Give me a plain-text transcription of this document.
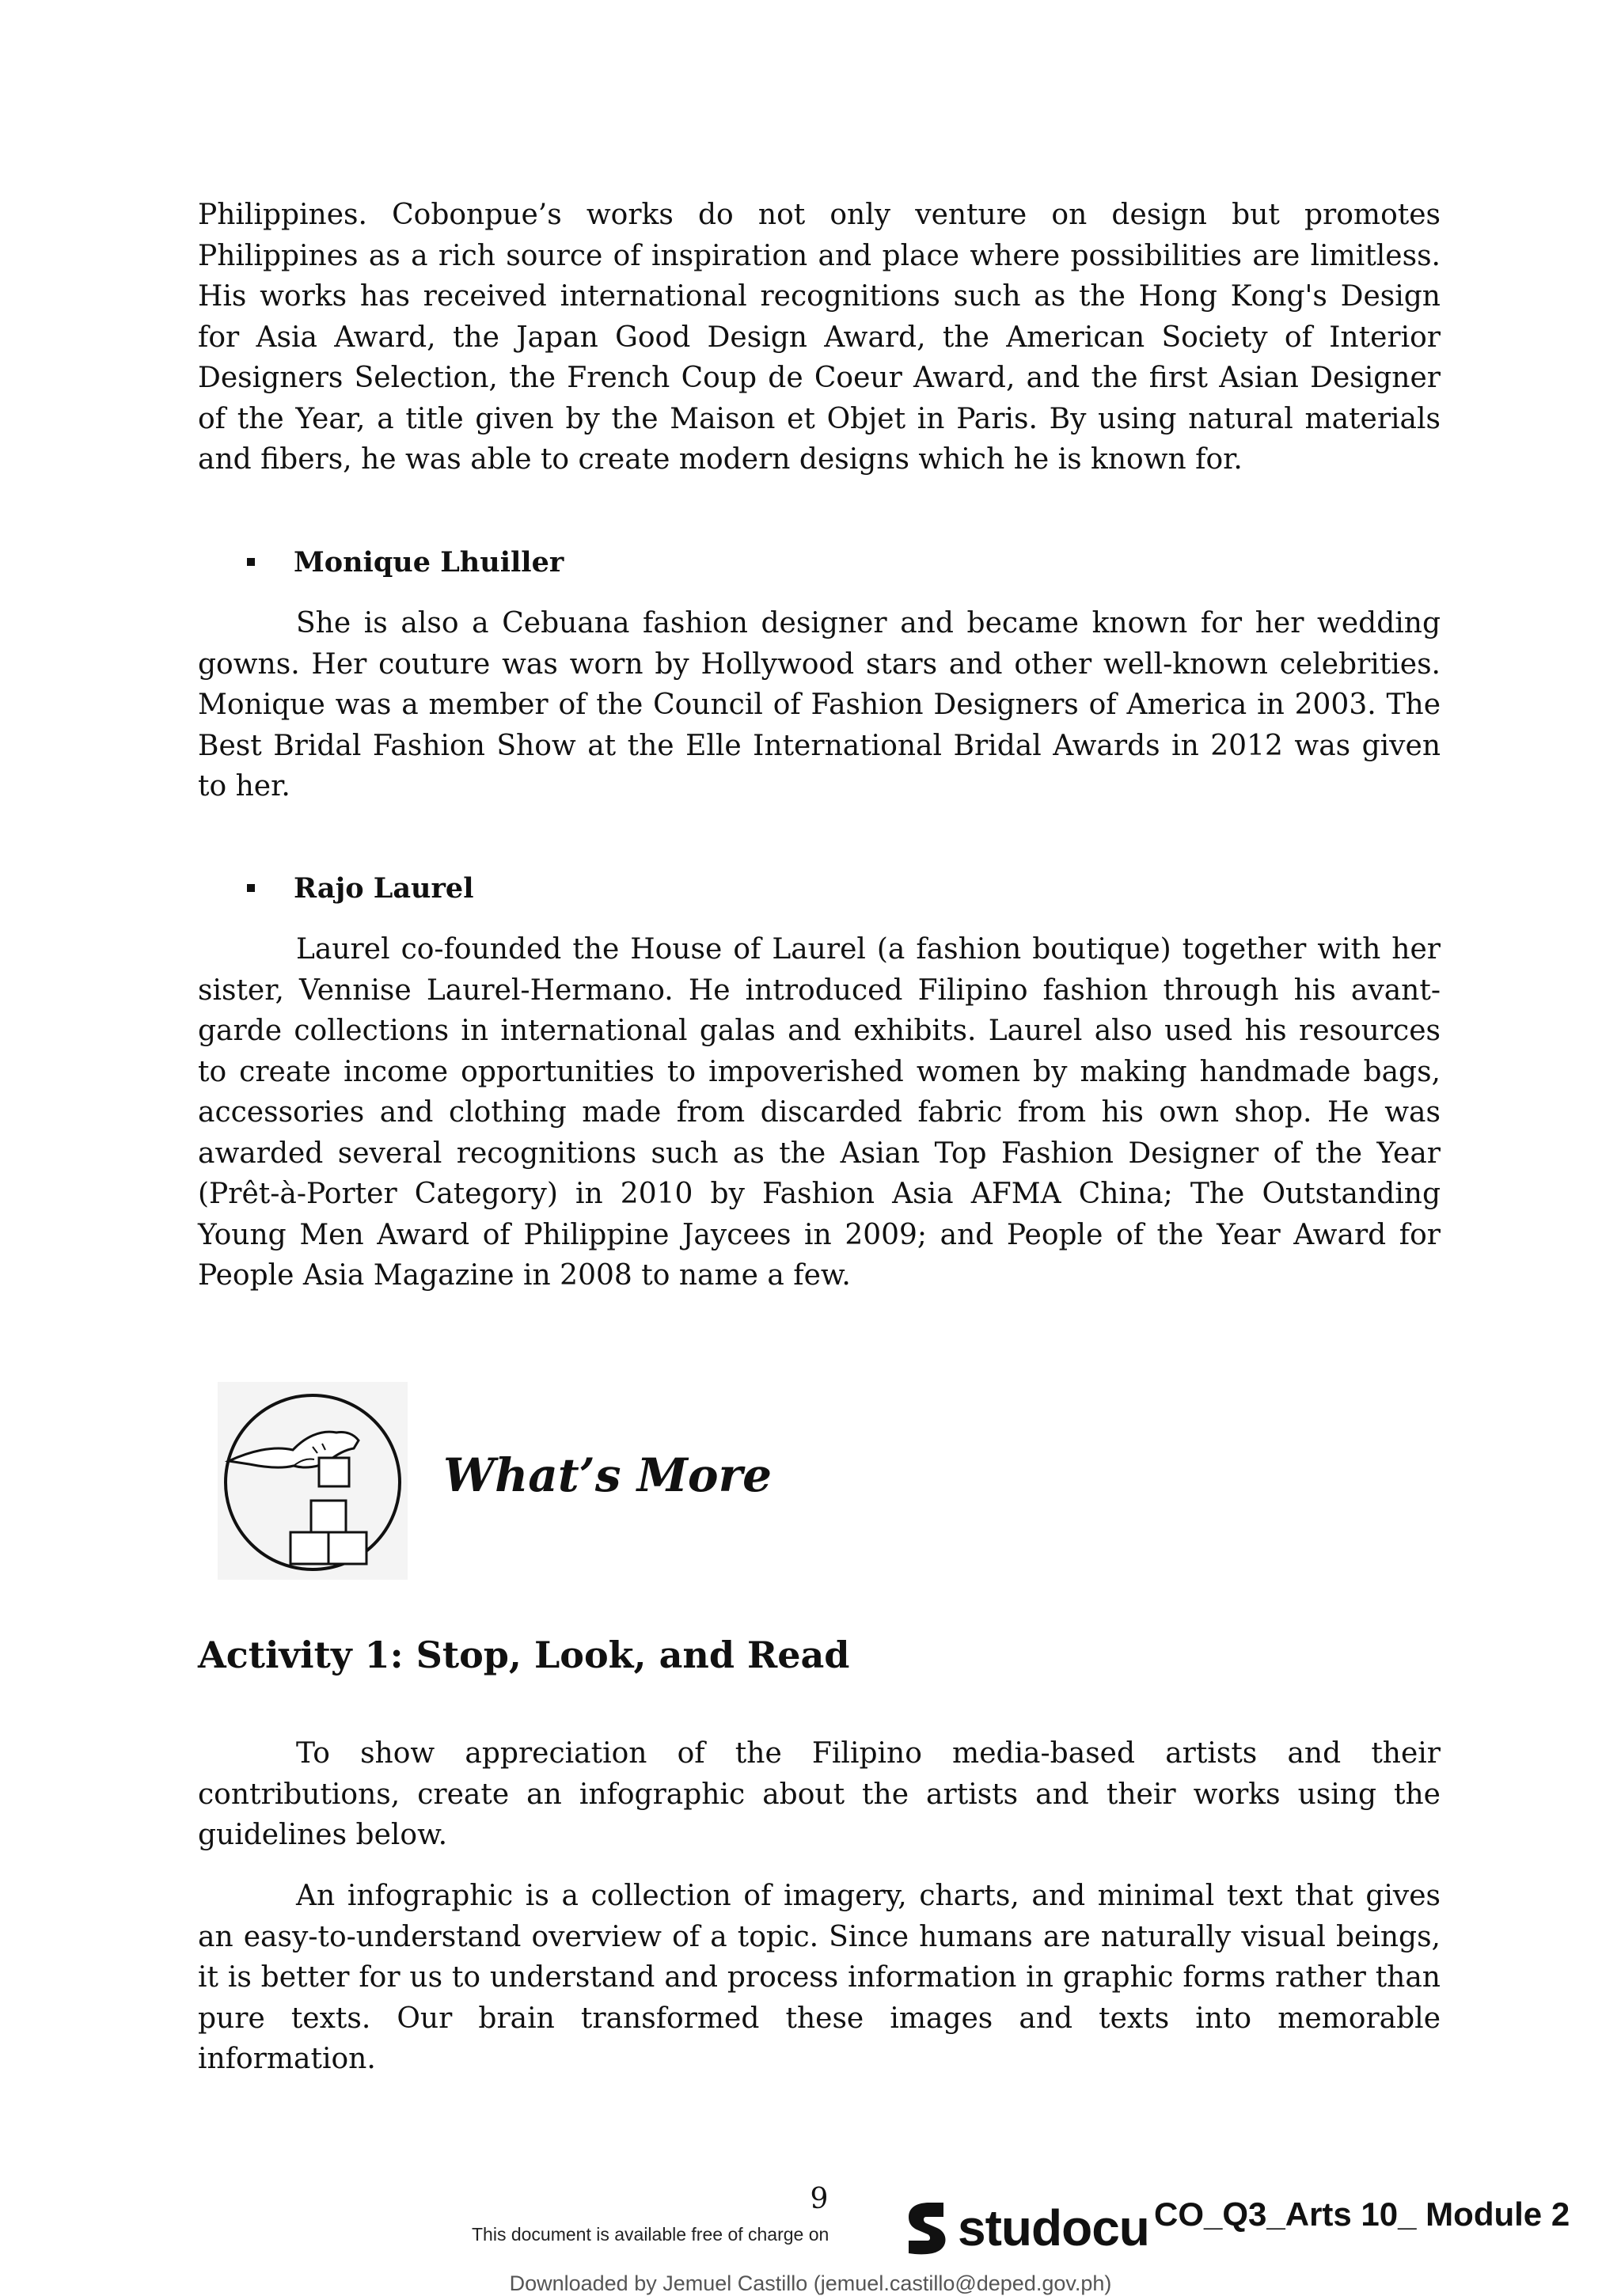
Philippines. Cobonpue’s works do not only venture on design but promotes Philippines as a rich source of inspiration and place where possibilities are limitless. His works has received international recognitions such as the Hong Kong's Design for Asia Award, the Japan Good Design Award, the American Society of Interior Designers Selection, the French Coup de Coeur Award, and the first Asian Designer of the Year, a title given by the Maison et Objet in Paris. By using natural materials and fibers, he was able to create modern designs which he is known for.

Monique Lhuiller

She is also a Cebuana fashion designer and became known for her wedding gowns. Her couture was worn by Hollywood stars and other well-known celebrities. Monique was a member of the Council of Fashion Designers of America in 2003. The Best Bridal Fashion Show at the Elle International Bridal Awards in 2012 was given to her.

Rajo Laurel

Laurel co-founded the House of Laurel (a fashion boutique) together with her sister, Vennise Laurel-Hermano. He introduced Filipino fashion through his avant-garde collections in international galas and exhibits. Laurel also used his resources to create income opportunities to impoverished women by making handmade bags, accessories and clothing made from discarded fabric from his own shop. He was awarded several recognitions such as the Asian Top Fashion Designer of the Year (Prêt-à-Porter Category) in 2010 by Fashion Asia AFMA China; The Outstanding Young Men Award of Philippine Jaycees in 2009; and People of the Year Award for People Asia Magazine in 2008 to name a few.

What’s More
Activity 1: Stop, Look, and Read

To show appreciation of the Filipino media-based artists and their contributions, create an infographic about the artists and their works using the guidelines below.

An infographic is a collection of imagery, charts, and minimal text that gives an easy-to-understand overview of a topic. Since humans are naturally visual beings, it is better for us to understand and process information in graphic forms rather than pure texts. Our brain transformed these images and texts into memorable information.

9
This document is available free of charge on	studocu CO_Q3_Arts 10_ Module 2
Downloaded by Jemuel Castillo (jemuel.castillo@deped.gov.ph)
